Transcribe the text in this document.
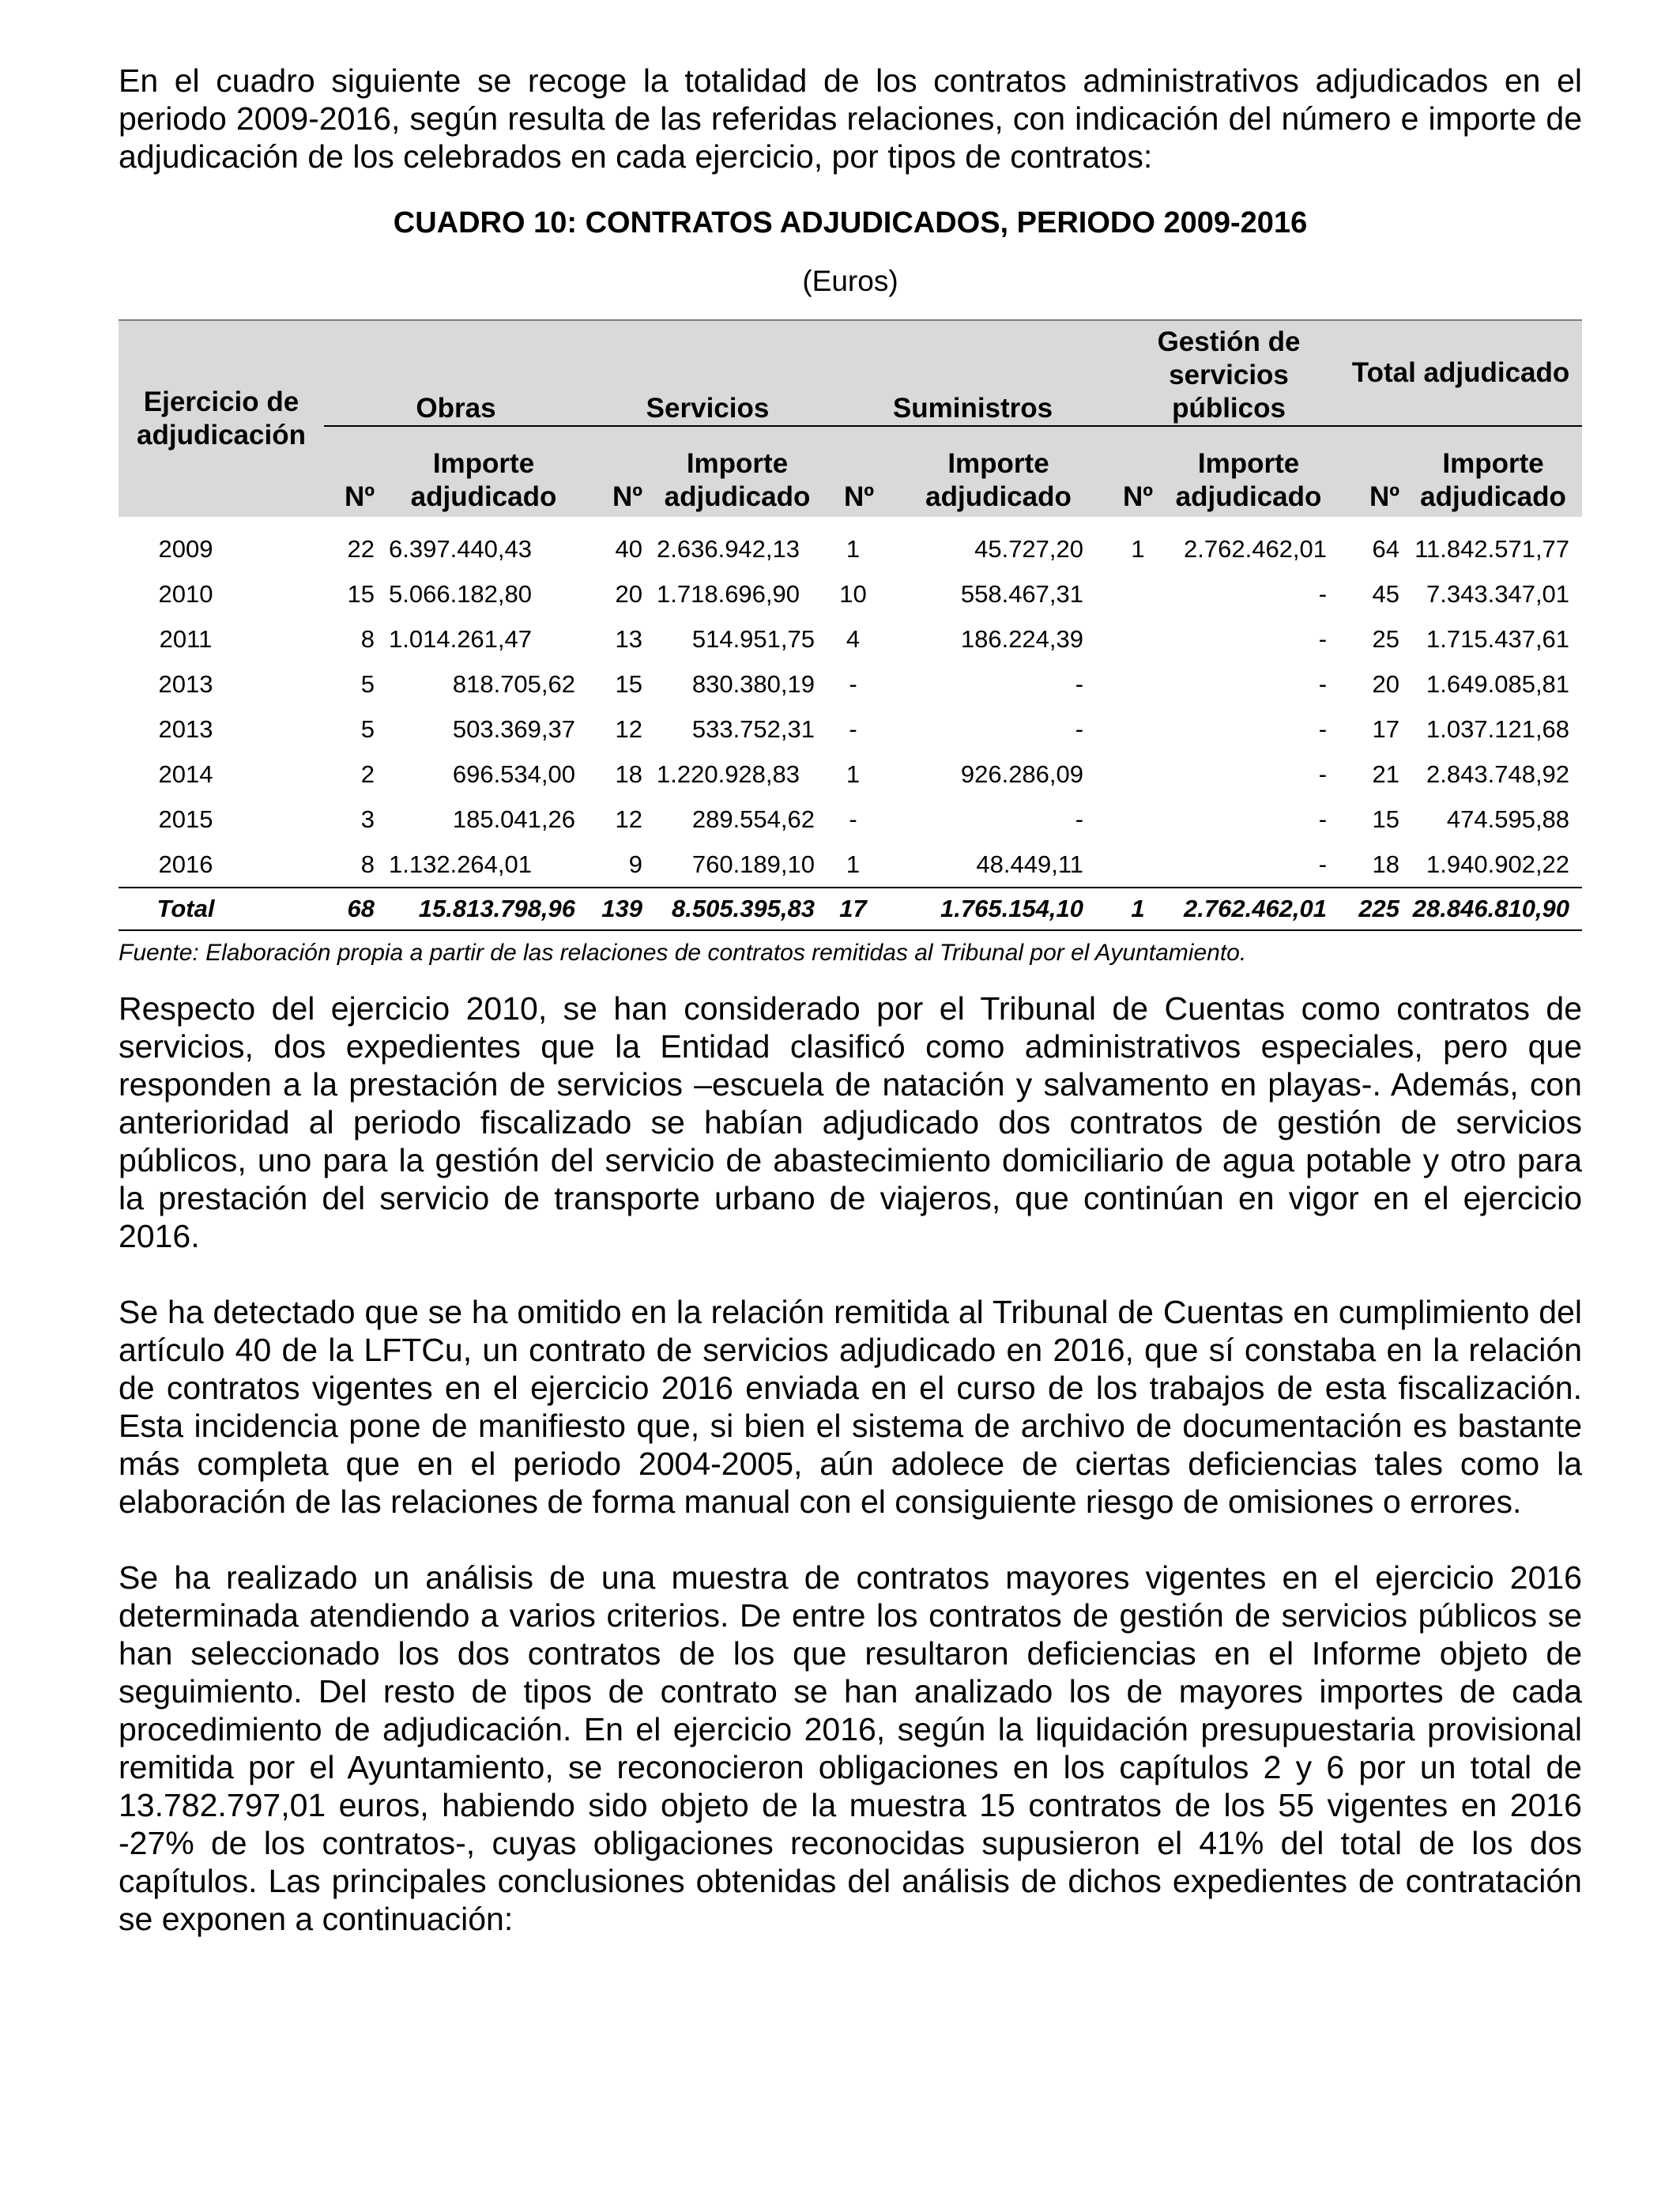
En el cuadro siguiente se recoge la totalidad de los contratos administrativos adjudicados en el periodo 2009-2016, según resulta de las referidas relaciones, con indicación del número e importe de adjudicación de los celebrados en cada ejercicio, por tipos de contratos:

CUADRO 10: CONTRATOS ADJUDICADOS, PERIODO 2009-2016

(Euros)

Ejercicio de adjudicación	Obras		Servicios		Suministros		Gestión de servicios públicos		Total adjudicado	
	Nº	Importe adjudicado	Nº	Importe adjudicado	Nº	Importe adjudicado	Nº	Importe adjudicado	Nº	Importe adjudicado
2009	22	6.397.440,43	40	2.636.942,13	1	45.727,20	1	2.762.462,01	64	11.842.571,77
2010	15	5.066.182,80	20	1.718.696,90	10	558.467,31		-	45	7.343.347,01
2011	8	1.014.261,47	13	514.951,75	4	186.224,39		-	25	1.715.437,61
2013	5	818.705,62	15	830.380,19	-	-		-	20	1.649.085,81
2013	5	503.369,37	12	533.752,31	-	-		-	17	1.037.121,68
2014	2	696.534,00	18	1.220.928,83	1	926.286,09		-	21	2.843.748,92
2015	3	185.041,26	12	289.554,62	-	-		-	15	474.595,88
2016	8	1.132.264,01	9	760.189,10	1	48.449,11		-	18	1.940.902,22
Total	68	15.813.798,96	139	8.505.395,83	17	1.765.154,10	1	2.762.462,01	225	28.846.810,90

Fuente: Elaboración propia a partir de las relaciones de contratos remitidas al Tribunal por el Ayuntamiento.

Respecto del ejercicio 2010, se han considerado por el Tribunal de Cuentas como contratos de servicios, dos expedientes que la Entidad clasificó como administrativos especiales, pero que responden a la prestación de servicios –escuela de natación y salvamento en playas-. Además, con anterioridad al periodo fiscalizado se habían adjudicado dos contratos de gestión de servicios públicos, uno para la gestión del servicio de abastecimiento domiciliario de agua potable y otro para la prestación del servicio de transporte urbano de viajeros, que continúan en vigor en el ejercicio 2016.

Se ha detectado que se ha omitido en la relación remitida al Tribunal de Cuentas en cumplimiento del artículo 40 de la LFTCu, un contrato de servicios adjudicado en 2016, que sí constaba en la relación de contratos vigentes en el ejercicio 2016 enviada en el curso de los trabajos de esta fiscalización. Esta incidencia pone de manifiesto que, si bien el sistema de archivo de documentación es bastante más completa que en el periodo 2004-2005, aún adolece de ciertas deficiencias tales como la elaboración de las relaciones de forma manual con el consiguiente riesgo de omisiones o errores.

Se ha realizado un análisis de una muestra de contratos mayores vigentes en el ejercicio 2016 determinada atendiendo a varios criterios. De entre los contratos de gestión de servicios públicos se han seleccionado los dos contratos de los que resultaron deficiencias en el Informe objeto de seguimiento. Del resto de tipos de contrato se han analizado los de mayores importes de cada procedimiento de adjudicación. En el ejercicio 2016, según la liquidación presupuestaria provisional remitida por el Ayuntamiento, se reconocieron obligaciones en los capítulos 2 y 6 por un total de 13.782.797,01 euros, habiendo sido objeto de la muestra 15 contratos de los 55 vigentes en 2016 -27% de los contratos-, cuyas obligaciones reconocidas supusieron el 41% del total de los dos capítulos. Las principales conclusiones obtenidas del análisis de dichos expedientes de contratación se exponen a continuación:
